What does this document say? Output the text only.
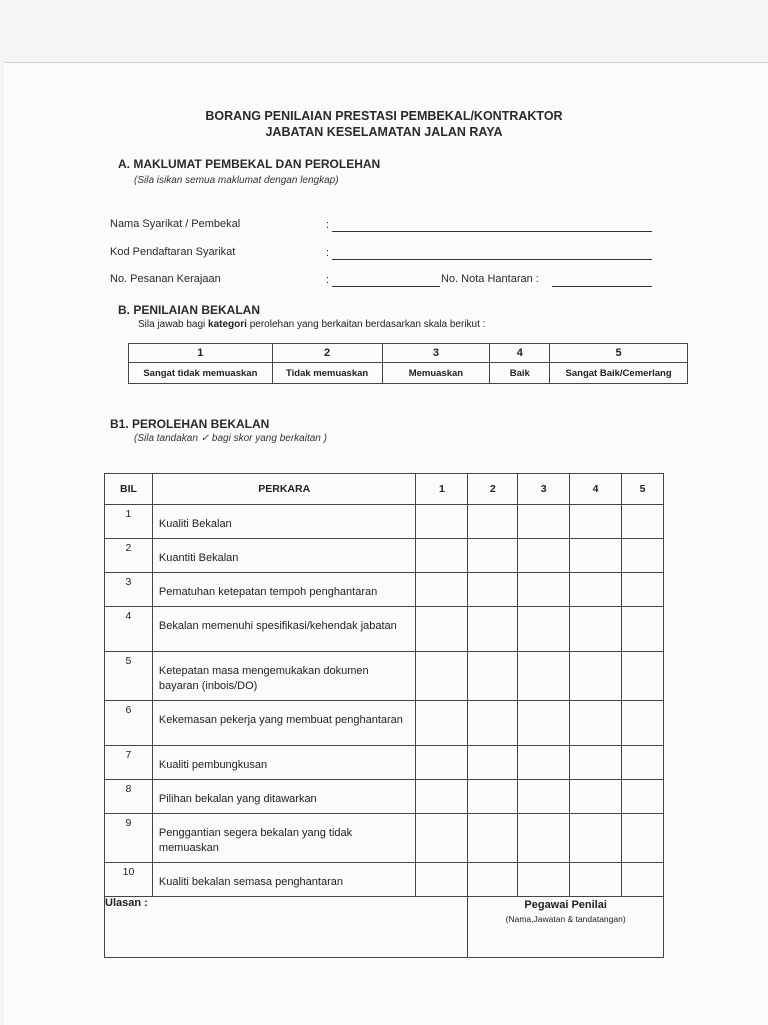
BORANG PENILAIAN PRESTASI PEMBEKAL/KONTRAKTOR
JABATAN KESELAMATAN JALAN RAYA
A. MAKLUMAT PEMBEKAL DAN PEROLEHAN
(Sila isikan semua maklumat dengan lengkap)
Nama Syarikat / Pembekal	:
Kod Pendaftaran Syarikat	:
No. Pesanan Kerajaan	:	No. Nota Hantaran :
B. PENILAIAN BEKALAN
Sila jawab bagi kategori perolehan yang berkaitan berdasarkan skala berikut :
1	2	3	4	5
Sangat tidak memuaskan	Tidak memuaskan	Memuaskan	Baik	Sangat Baik/Cemerlang
B1. PEROLEHAN BEKALAN
(Sila tandakan ✓ bagi skor yang berkaitan )
BIL	PERKARA	1	2	3	4	5
1	Kualiti Bekalan					
2	Kuantiti Bekalan					
3	Pematuhan ketepatan tempoh penghantaran					
4	Bekalan memenuhi spesifikasi/kehendak jabatan					
5	Ketepatan masa mengemukakan dokumen bayaran (inbois/DO)					
6	Kekemasan pekerja yang membuat penghantaran					
7	Kualiti pembungkusan					
8	Pilihan bekalan yang ditawarkan					
9	Penggantian segera bekalan yang tidak memuaskan					
10	Kualiti bekalan semasa penghantaran					
Ulasan :			Pegawai Penilai
(Nama,Jawatan & tandatangan)			
